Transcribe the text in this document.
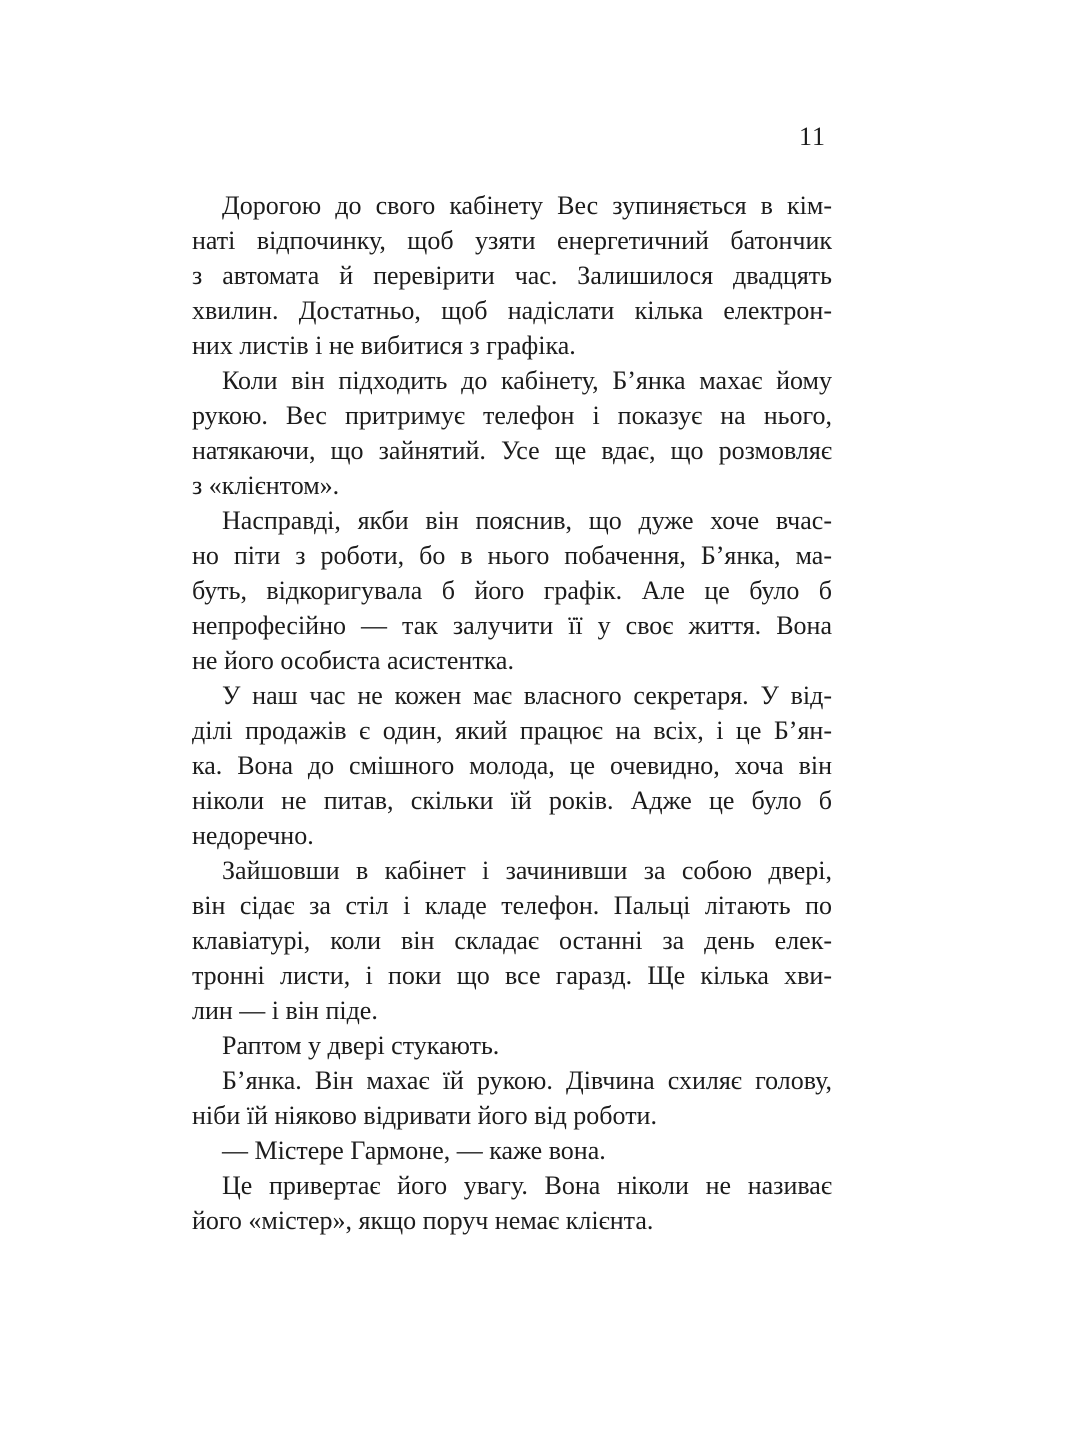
11

Дорогою до свого кабінету Вес зупиняється в кім-
наті відпочинку, щоб узяти енергетичний батончик
з автомата й перевірити час. Залишилося двадцять
хвилин. Достатньо, щоб надіслати кілька електрон-
них листів і не вибитися з графіка.

Коли він підходить до кабінету, Б’янка махає йому
рукою. Вес притримує телефон і показує на нього,
натякаючи, що зайнятий. Усе ще вдає, що розмовляє
з «клієнтом».

Насправді, якби він пояснив, що дуже хоче вчас-
но піти з роботи, бо в нього побачення, Б’янка, ма-
буть, відкоригувала б його графік. Але це було б
непрофесійно — так залучити її у своє життя. Вона
не його особиста асистентка.

У наш час не кожен має власного секретаря. У від-
ділі продажів є один, який працює на всіх, і це Б’ян-
ка. Вона до смішного молода, це очевидно, хоча він
ніколи не питав, скільки їй років. Адже це було б
недоречно.

Зайшовши в кабінет і зачинивши за собою двері,
він сідає за стіл і кладе телефон. Пальці літають по
клавіатурі, коли він складає останні за день елек-
тронні листи, і поки що все гаразд. Ще кілька хви-
лин — і він піде.

Раптом у двері стукають.

Б’янка. Він махає їй рукою. Дівчина схиляє голову,
ніби їй ніяково відривати його від роботи.

— Містере Гармоне, — каже вона.

Це привертає його увагу. Вона ніколи не називає
його «містер», якщо поруч немає клієнта.
